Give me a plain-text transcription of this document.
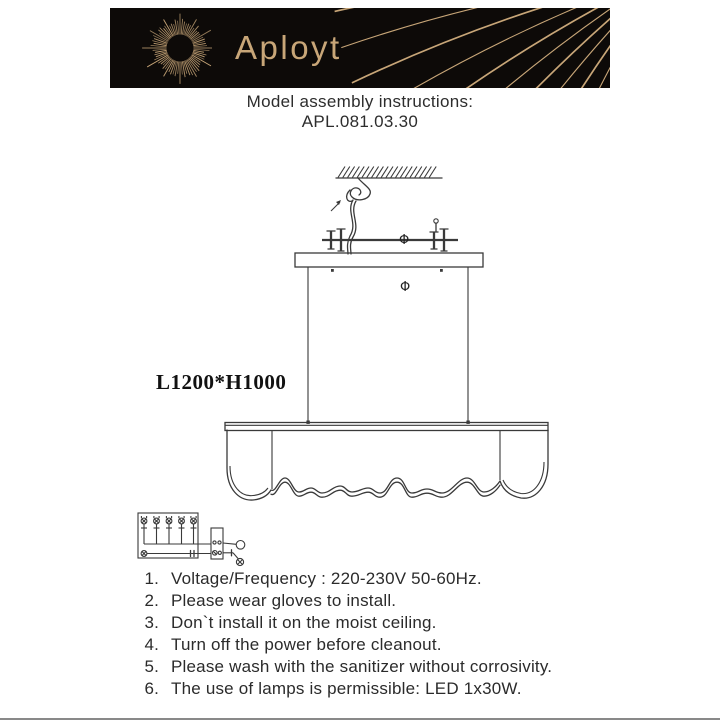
Aployt
Model assembly instructions:
APL.081.03.30
Φ
Φ
L1200*H1000
1. Voltage/Frequency : 220-230V 50-60Hz.
2. Please wear gloves to install.
3. Don`t install it on the moist ceiling.
4. Turn off the power before cleanout.
5. Please wash with the sanitizer without corrosivity.
6. The use of lamps is permissible: LED 1x30W.
